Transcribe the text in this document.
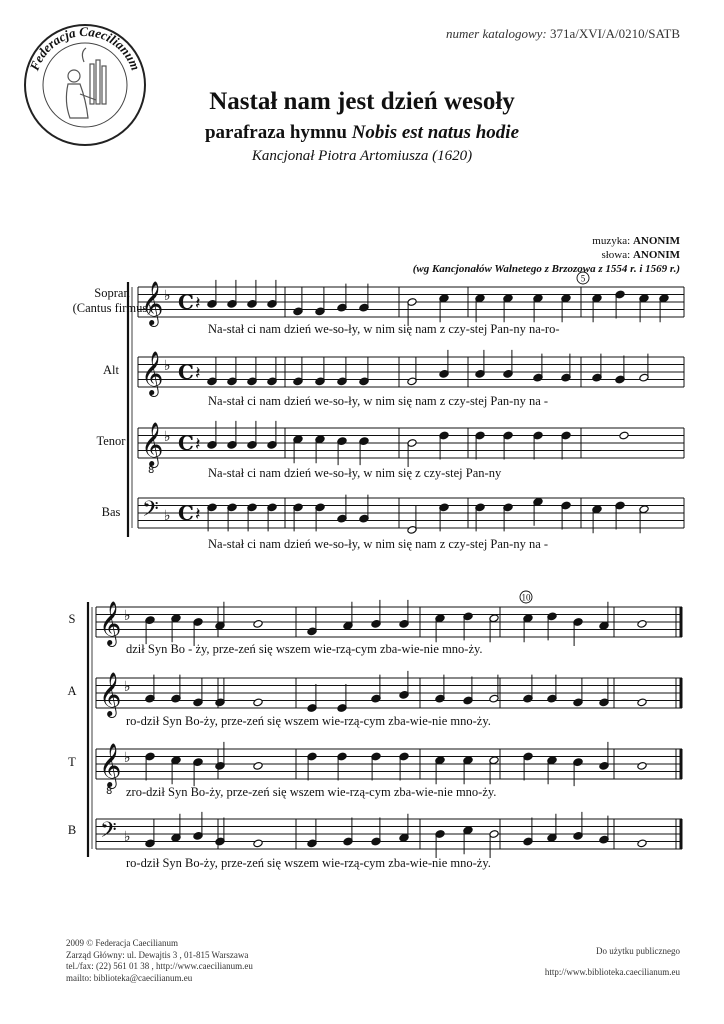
numer katalogowy: 371a/XVI/A/0210/SATB
Federacja Caecilianum
Nastał nam jest dzień wesoły
parafraza hymnu Nobis est natus hodie
Kancjonał Piotra Artomiusza (1620)
muzyka: ANONIM
słowa: ANONIM
(wg Kancjonałów Walnetego z Brzozowa z 1554 r. i 1569 r.)
Sopran
(Cantus firmus)
Alt
Tenor
Bas
Na-stał ci nam dzień we-so-ły, w nim się nam z czy-stej Pan-ny na-ro-
Na-stał ci nam dzień we-so-ły, w nim się nam z czy-stej Pan-ny na -
Na-stał ci nam dzień we-so-ły, w nim się z czy-stej Pan-ny
Na-stał ci nam dzień we-so-ły, w nim się nam z czy-stej Pan-ny na -
S
A
T
B
dził Syn Bo - ży, prze-zeń się wszem wie-rzą-cym zba-wie-nie mno-ży.
ro-dził Syn Bo-ży, prze-zeń się wszem wie-rzą-cym zba-wie-nie mno-ży.
zro-dził Syn Bo-ży, prze-zeń się wszem wie-rzą-cym zba-wie-nie mno-ży.
ro-dził Syn Bo-ży, prze-zeń się wszem wie-rzą-cym zba-wie-nie mno-ży.
𝄞 ♭ C 𝄽
𝄞 ♭ C 𝄽
𝄞
8
♭ C 𝄽
𝄢 ♭ C 𝄽
5
𝄞 ♭
𝄞 ♭
𝄞
8
♭
𝄢 ♭
10
2009 © Federacja Caecilianum
Zarząd Główny: ul. Dewajtis 3 , 01-815 Warszawa
tel./fax: (22) 561 01 38 , http://www.caecilianum.eu
mailto: biblioteka@caecilianum.eu
Do użytku publicznego
http://www.biblioteka.caecilianum.eu
